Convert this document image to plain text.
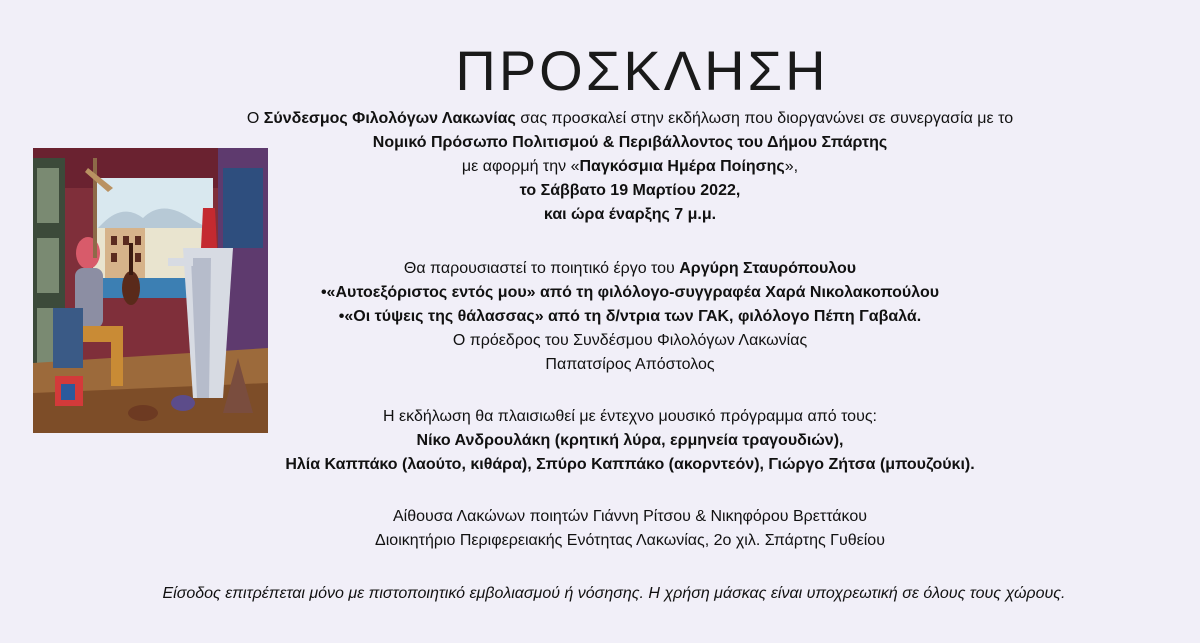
ΠΡΟΣΚΛΗΣΗ
Ο Σύνδεσμος Φιλολόγων Λακωνίας σας προσκαλεί στην εκδήλωση που διοργανώνει σε συνεργασία με το
Νομικό Πρόσωπο Πολιτισμού & Περιβάλλοντος του Δήμου Σπάρτης
με αφορμή την «Παγκόσμια Ημέρα Ποίησης»,
το Σάββατο 19 Μαρτίου 2022,
και ώρα έναρξης 7 μ.μ.
Θα παρουσιαστεί το ποιητικό έργο του Αργύρη Σταυρόπουλου
•«Αυτοεξόριστος εντός μου» από τη φιλόλογο-συγγραφέα Χαρά Νικολακοπούλου
•«Οι τύψεις της θάλασσας» από τη δ/ντρια των ΓΑΚ, φιλόλογο Πέπη Γαβαλά.
Ο πρόεδρος του Συνδέσμου Φιλολόγων Λακωνίας
Παπατσίρος Απόστολος
Η εκδήλωση θα πλαισιωθεί με έντεχνο μουσικό πρόγραμμα από τους:
Νίκο Ανδρουλάκη (κρητική λύρα, ερμηνεία τραγουδιών),
Ηλία Καππάκο (λαούτο, κιθάρα), Σπύρο Καππάκο (ακορντεόν), Γιώργο Ζήτσα (μπουζούκι).
Αίθουσα Λακώνων ποιητών Γιάννη Ρίτσου & Νικηφόρου Βρεττάκου
Διοικητήριο Περιφερειακής Ενότητας Λακωνίας, 2ο χιλ. Σπάρτης Γυθείου
Είσοδος επιτρέπεται μόνο με πιστοποιητικό εμβολιασμού ή νόσησης. Η χρήση μάσκας είναι υποχρεωτική σε όλους τους χώρους.
